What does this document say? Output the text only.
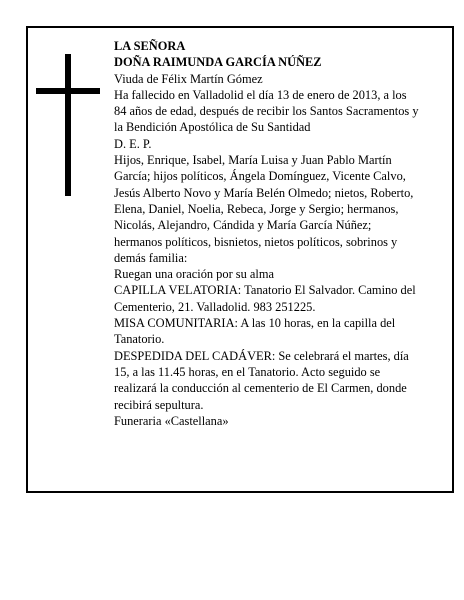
LA SEÑORA

DOÑA RAIMUNDA GARCÍA NÚÑEZ

Viuda de Félix Martín Gómez

Ha fallecido en Valladolid el día 13 de enero de 2013, a los 84 años de edad, después de recibir los Santos Sacramentos y la Bendición Apostólica de Su Santidad

D. E. P.

Hijos, Enrique, Isabel, María Luisa y Juan Pablo Martín García; hijos políticos, Ángela Domínguez, Vicente Calvo, Jesús Alberto Novo y María Belén Olmedo; nietos, Roberto, Elena, Daniel, Noelia, Rebeca, Jorge y Sergio; hermanos, Nicolás, Alejandro, Cándida y María García Núñez; hermanos políticos, bisnietos, nietos políticos, sobrinos y demás familia:

Ruegan una oración por su alma

CAPILLA VELATORIA: Tanatorio El Salvador. Camino del Cementerio, 21. Valladolid. 983 251225.

MISA COMUNITARIA: A las 10 horas, en la capilla del Tanatorio.

DESPEDIDA DEL CADÁVER: Se celebrará el martes, día 15, a las 11.45 horas, en el Tanatorio. Acto seguido se realizará la conducción al cementerio de El Carmen, donde recibirá sepultura.

Funeraria «Castellana»
